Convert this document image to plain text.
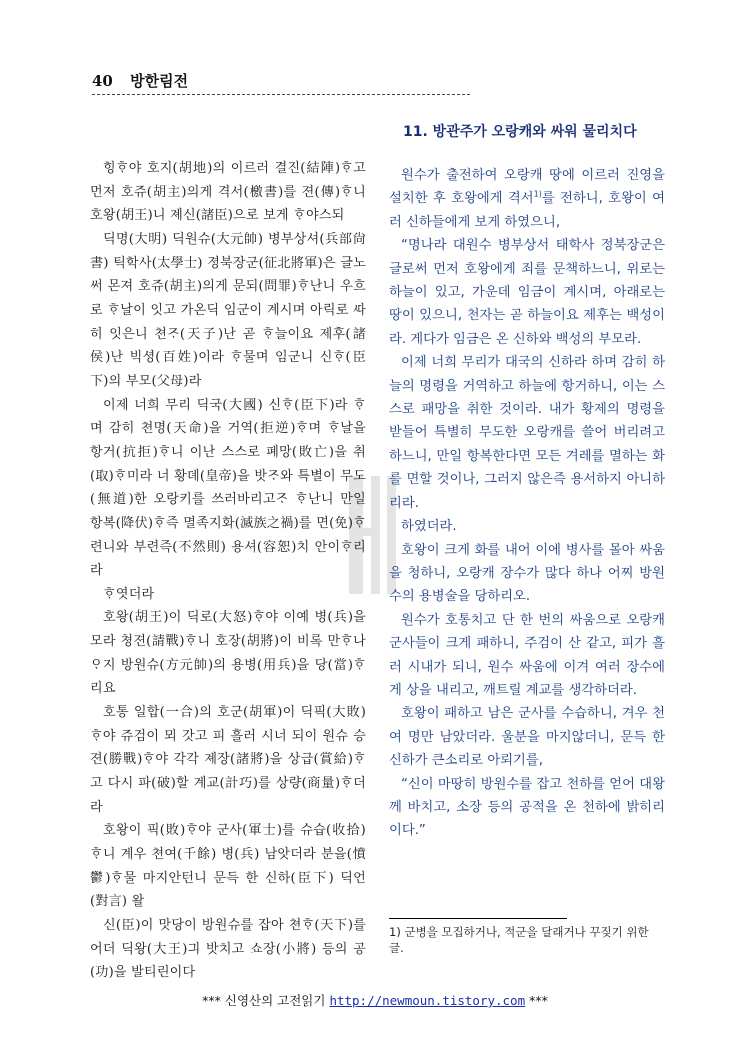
40 방한림전

힝ᄒᆞ야 호지(胡地)의 이르러 결진(結陣)ᄒᆞ고 먼저 호쥬(胡主)의게 격서(檄書)를 젼(傳)ᄒᆞ니 호왕(胡王)니 졔신(諸臣)으로 보게 ᄒᆞ야스되

딕명(大明) 딕원슈(大元帥) 병부상셔(兵部尙書) 틱학사(太學士) 졍북장군(征北將軍)은 글노써 몬져 호쥬(胡主)의게 문되(問罪)ᄒᆞ난니 우흐로 ᄒᆞ날이 잇고 가온딕 임군이 계시며 아릭로 ᄯᅡ히 잇은니 쳔ᄌᆞ(天子)난 곧 ᄒᆞ늘이요 제후(諸侯)난 빅셩(百姓)이라 ᄒᆞ물며 임군니 신ᄒᆞ(臣下)의 부모(父母)라

이제 너희 무리 딕국(大國) 신ᄒᆞ(臣下)라 ᄒᆞ며 감히 쳔명(天命)을 거역(拒逆)ᄒᆞ며 ᄒᆞ날을 항거(抗拒)ᄒᆞ니 이난 스스로 폐망(敗亡)을 취(取)ᄒᆞ미라 너 황뎨(皇帝)을 밧ᄌᆞ와 특별이 무도(無道)한 오랑키를 쓰러바리고ᄌᆞ ᄒᆞ난니 만일 항복(降伏)ᄒᆞ즉 멸족지화(滅族之禍)를 면(免)ᄒᆞ련니와 부련즉(不然則) 용셔(容恕)치 안이ᄒᆞ리라

ᄒᆞ엿더라

호왕(胡王)이 딕로(大怒)ᄒᆞ야 이예 병(兵)을 모라 쳥젼(請戰)ᄒᆞ니 호장(胡將)이 비록 만ᄒᆞ나 ᄋᆞ지 방원슈(方元帥)의 용병(用兵)을 당(當)ᄒᆞ리요

호통 일합(一合)의 호군(胡軍)이 딕픽(大敗)ᄒᆞ야 쥬검이 뫼 갓고 피 흘러 시너 되이 원슈 승젼(勝戰)ᄒᆞ야 각각 졔장(諸將)을 상급(賞給)ᄒᆞ고 다시 파(破)할 계교(計巧)를 상량(商量)ᄒᆞ더라

호왕이 픽(敗)ᄒᆞ야 군사(軍士)를 슈습(收拾)ᄒᆞ니 계우 쳔여(千餘) 병(兵) 남앗더라 분을(憤鬱)ᄒᆞ물 마지안턴니 문득 한 신하(臣下) 딕언(對言) 왈

신(臣)이 맛당이 방원슈를 잡아 쳔ᄒᆞ(天下)를 어더 딕왕(大王)긔 밧치고 쇼장(小將) 등의 공(功)을 발티린이다

11. 방관주가 오랑캐와 싸워 물리치다

원수가 출전하여 오랑캐 땅에 이르러 진영을 설치한 후 호왕에게 격서$^{1)}$를 전하니, 호왕이 여러 신하들에게 보게 하였으니,

“명나라 대원수 병부상서 태학사 정북장군은 글로써 먼저 호왕에게 죄를 문책하느니, 위로는 하늘이 있고, 가운데 임금이 계시며, 아래로는 땅이 있으니, 천자는 곧 하늘이요 제후는 백성이라. 게다가 임금은 온 신하와 백성의 부모라.

이제 너희 무리가 대국의 신하라 하며 감히 하늘의 명령을 거역하고 하늘에 항거하니, 이는 스스로 패망을 취한 것이라. 내가 황제의 명령을 받들어 특별히 무도한 오랑캐를 쓸어 버리려고 하느니, 만일 항복한다면 모든 겨레를 멸하는 화를 면할 것이나, 그러지 않은즉 용서하지 아니하리라.

하였더라.

호왕이 크게 화를 내어 이에 병사를 몰아 싸움을 청하니, 오랑캐 장수가 많다 하나 어찌 방원수의 용병술을 당하리오.

원수가 호통치고 단 한 번의 싸움으로 오랑캐 군사들이 크게 패하니, 주검이 산 같고, 피가 흘러 시내가 되니, 원수 싸움에 이겨 여러 장수에게 상을 내리고, 깨트릴 계교를 생각하더라.

호왕이 패하고 남은 군사를 수습하니, 겨우 천여 명만 남았더라. 울분을 마지않더니, 문득 한 신하가 큰소리로 아뢰기를,

“신이 마땅히 방원수를 잡고 천하를 얻어 대왕께 바치고, 소장 등의 공적을 온 천하에 밝히리이다.”

1) 군병을 모집하거나, 적군을 달래거나 꾸짖기 위한 글.
*** 신영산의 고전읽기 http://newmoun.tistory.com ***
